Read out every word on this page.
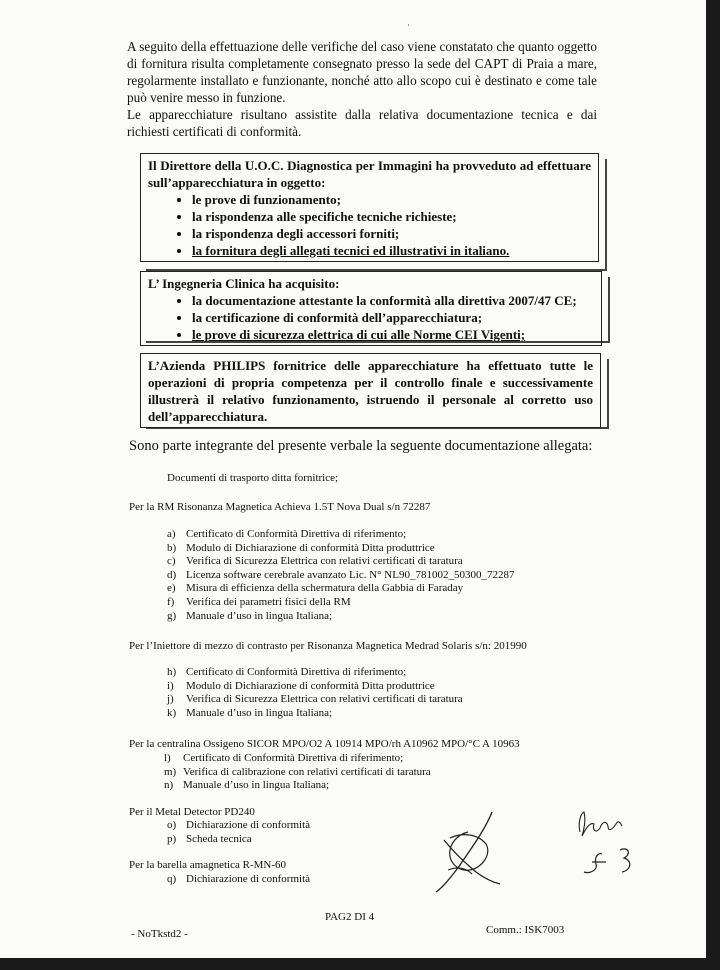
A seguito della effettuazione delle verifiche del caso viene constatato che quanto oggetto di fornitura risulta completamente consegnato presso la sede del CAPT di Praia a mare, regolarmente installato e funzionante, nonché atto allo scopo cui è destinato e come tale può venire messo in funzione.

Le apparecchiature risultano assistite dalla relativa documentazione tecnica e dai richiesti certificati di conformità.

Il Direttore della U.O.C. Diagnostica per Immagini ha provveduto ad effettuare sull’apparecchiatura in oggetto:

• le prove di funzionamento;
• la rispondenza alle specifiche tecniche richieste;
• la rispondenza degli accessori forniti;
• la fornitura degli allegati tecnici ed illustrativi in italiano.

L’ Ingegneria Clinica ha acquisito:

• la documentazione attestante la conformità alla direttiva 2007/47 CE;
• la certificazione di conformità dell’apparecchiatura;
• le prove di sicurezza elettrica di cui alle Norme CEI Vigenti;

L’Azienda PHILIPS fornitrice delle apparecchiature ha effettuato tutte le operazioni di propria competenza per il controllo finale e successivamente illustrerà il relativo funzionamento, istruendo il personale al corretto uso dell’apparecchiatura.

Sono parte integrante del presente verbale la seguente documentazione allegata:
Documenti di trasporto ditta fornitrice;
Per la RM Risonanza Magnetica Achieva 1.5T Nova Dual s/n 72287
a) Certificato di Conformità Direttiva di riferimento;
b) Modulo di Dichiarazione di conformità Ditta produttrice
c) Verifica di Sicurezza Elettrica con relativi certificati di taratura
d) Licenza software cerebrale avanzato Lic. N° NL90_781002_50300_72287
e) Misura di efficienza della schermatura della Gabbia di Faraday
f) Verifica dei parametri fisici della RM
g) Manuale d’uso in lingua Italiana;
Per l’Iniettore di mezzo di contrasto per Risonanza Magnetica Medrad Solaris s/n: 201990
h) Certificato di Conformità Direttiva di riferimento;
i) Modulo di Dichiarazione di conformità Ditta produttrice
j) Verifica di Sicurezza Elettrica con relativi certificati di taratura
k) Manuale d’uso in lingua Italiana;
Per la centralina Ossigeno SICOR MPO/O2 A 10914 MPO/rh A10962 MPO/°C A 10963
l) Certificato di Conformità Direttiva di riferimento;
m) Verifica di calibrazione con relativi certificati di taratura
n) Manuale d’uso in lingua Italiana;
Per il Metal Detector PD240
o) Dichiarazione di conformità
p) Scheda tecnica
Per la barella amagnetica R-MN-60
q) Dichiarazione di conformità
PAG2 DI 4
- NoTkstd2 -	Comm.: ISK7003
